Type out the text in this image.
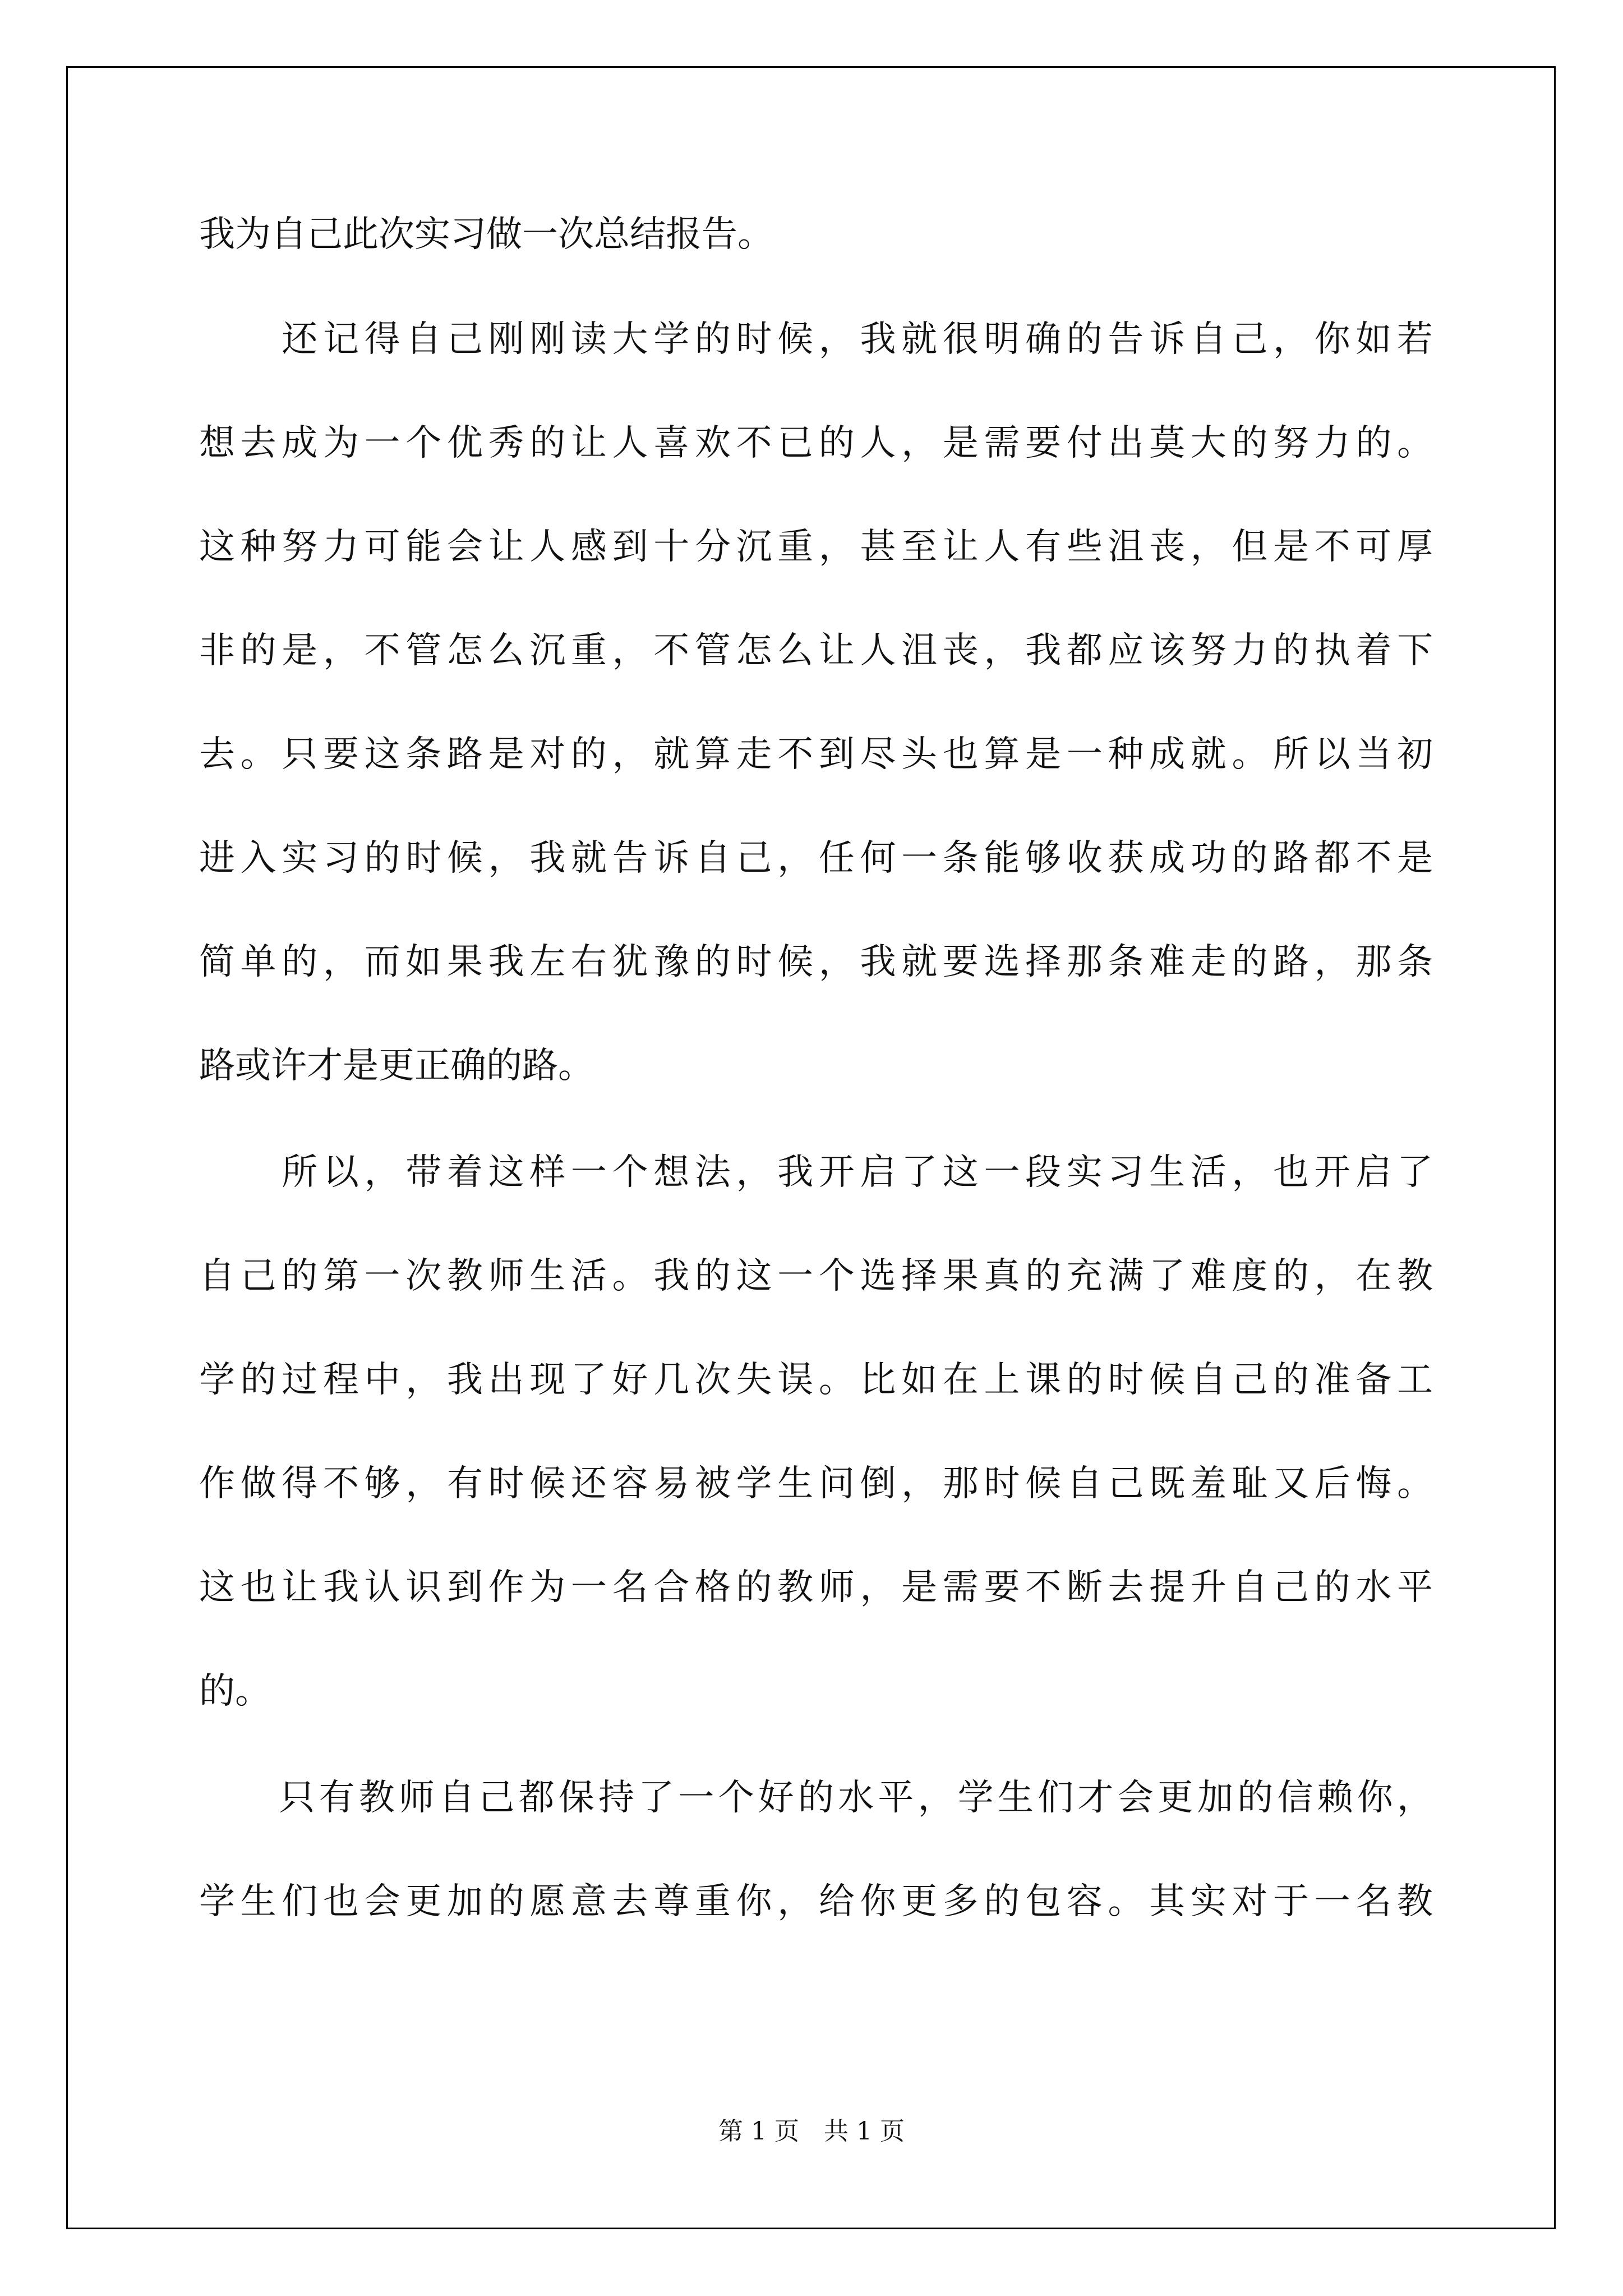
我为自己此次实习做一次总结报告。
　　还记得自己刚刚读大学的时候，我就很明确的告诉自己，你如若
想去成为一个优秀的让人喜欢不已的人，是需要付出莫大的努力的。
这种努力可能会让人感到十分沉重，甚至让人有些沮丧，但是不可厚
非的是，不管怎么沉重，不管怎么让人沮丧，我都应该努力的执着下
去。只要这条路是对的，就算走不到尽头也算是一种成就。所以当初
进入实习的时候，我就告诉自己，任何一条能够收获成功的路都不是
简单的，而如果我左右犹豫的时候，我就要选择那条难走的路，那条
路或许才是更正确的路。
　　所以，带着这样一个想法，我开启了这一段实习生活，也开启了
自己的第一次教师生活。我的这一个选择果真的充满了难度的，在教
学的过程中，我出现了好几次失误。比如在上课的时候自己的准备工
作做得不够，有时候还容易被学生问倒，那时候自己既羞耻又后悔。
这也让我认识到作为一名合格的教师，是需要不断去提升自己的水平
的。
　　只有教师自己都保持了一个好的水平，学生们才会更加的信赖你，
学生们也会更加的愿意去尊重你，给你更多的包容。其实对于一名教
第 1 页　共 1 页
